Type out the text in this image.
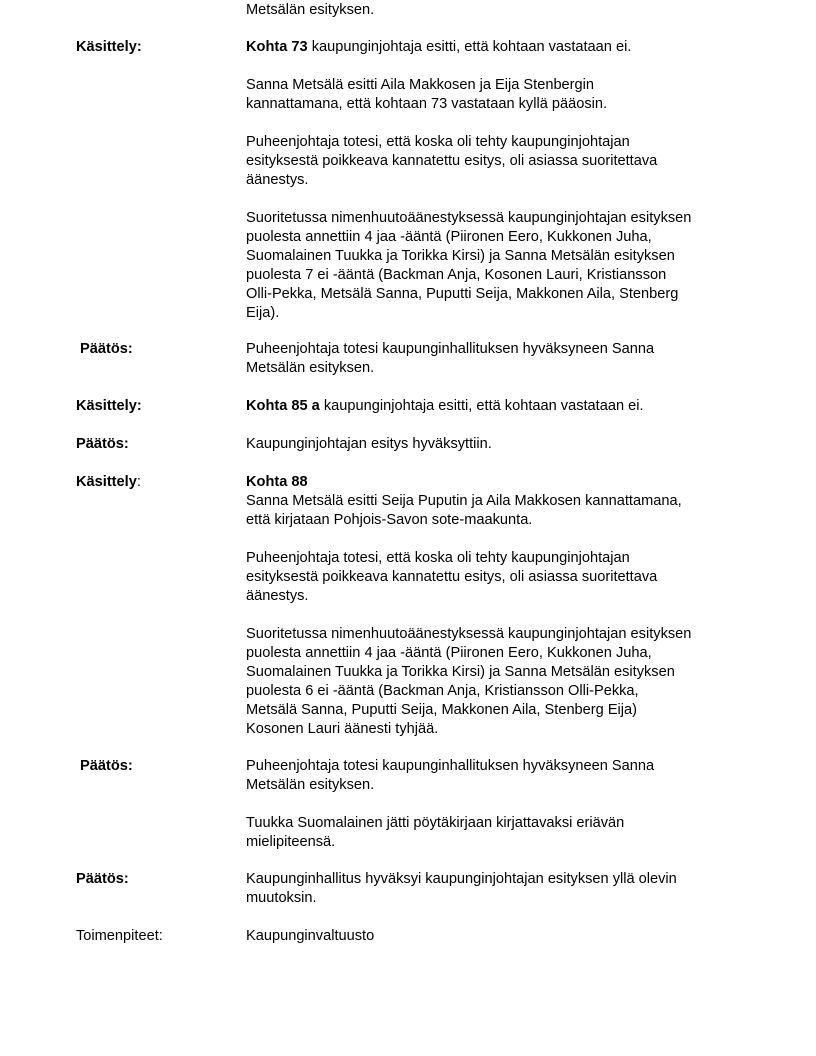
Metsälän esityksen.

Käsittely:	Kohta 73 kaupunginjohtaja esitti, että kohtaan vastataan ei.

Sanna Metsälä esitti Aila Makkosen ja Eija Stenbergin
kannattamana, että kohtaan 73 vastataan kyllä pääosin.

Puheenjohtaja totesi, että koska oli tehty kaupunginjohtajan
esityksestä poikkeava kannatettu esitys, oli asiassa suoritettava
äänestys.

Suoritetussa nimenhuutoäänestyksessä kaupunginjohtajan esityksen
puolesta annettiin 4 jaa -ääntä (Piironen Eero, Kukkonen Juha,
Suomalainen Tuukka ja Torikka Kirsi) ja Sanna Metsälän esityksen
puolesta 7 ei -ääntä (Backman Anja, Kosonen Lauri, Kristiansson
Olli-Pekka, Metsälä Sanna, Puputti Seija, Makkonen Aila, Stenberg
Eija).

Päätös:	Puheenjohtaja totesi kaupunginhallituksen hyväksyneen Sanna
Metsälän esityksen.

Käsittely:	Kohta 85 a kaupunginjohtaja esitti, että kohtaan vastataan ei.

Päätös:	Kaupunginjohtajan esitys hyväksyttiin.

Käsittely:	Kohta 88

Sanna Metsälä esitti Seija Puputin ja Aila Makkosen kannattamana,
että kirjataan Pohjois-Savon sote-maakunta.

Puheenjohtaja totesi, että koska oli tehty kaupunginjohtajan
esityksestä poikkeava kannatettu esitys, oli asiassa suoritettava
äänestys.

Suoritetussa nimenhuutoäänestyksessä kaupunginjohtajan esityksen
puolesta annettiin 4 jaa -ääntä (Piironen Eero, Kukkonen Juha,
Suomalainen Tuukka ja Torikka Kirsi) ja Sanna Metsälän esityksen
puolesta 6 ei -ääntä (Backman Anja, Kristiansson Olli-Pekka,
Metsälä Sanna, Puputti Seija, Makkonen Aila, Stenberg Eija)
Kosonen Lauri äänesti tyhjää.

Päätös:	Puheenjohtaja totesi kaupunginhallituksen hyväksyneen Sanna
Metsälän esityksen.

Tuukka Suomalainen jätti pöytäkirjaan kirjattavaksi eriävän
mielipiteensä.

Päätös:	Kaupunginhallitus hyväksyi kaupunginjohtajan esityksen yllä olevin
muutoksin.

Toimenpiteet:	Kaupunginvaltuusto
